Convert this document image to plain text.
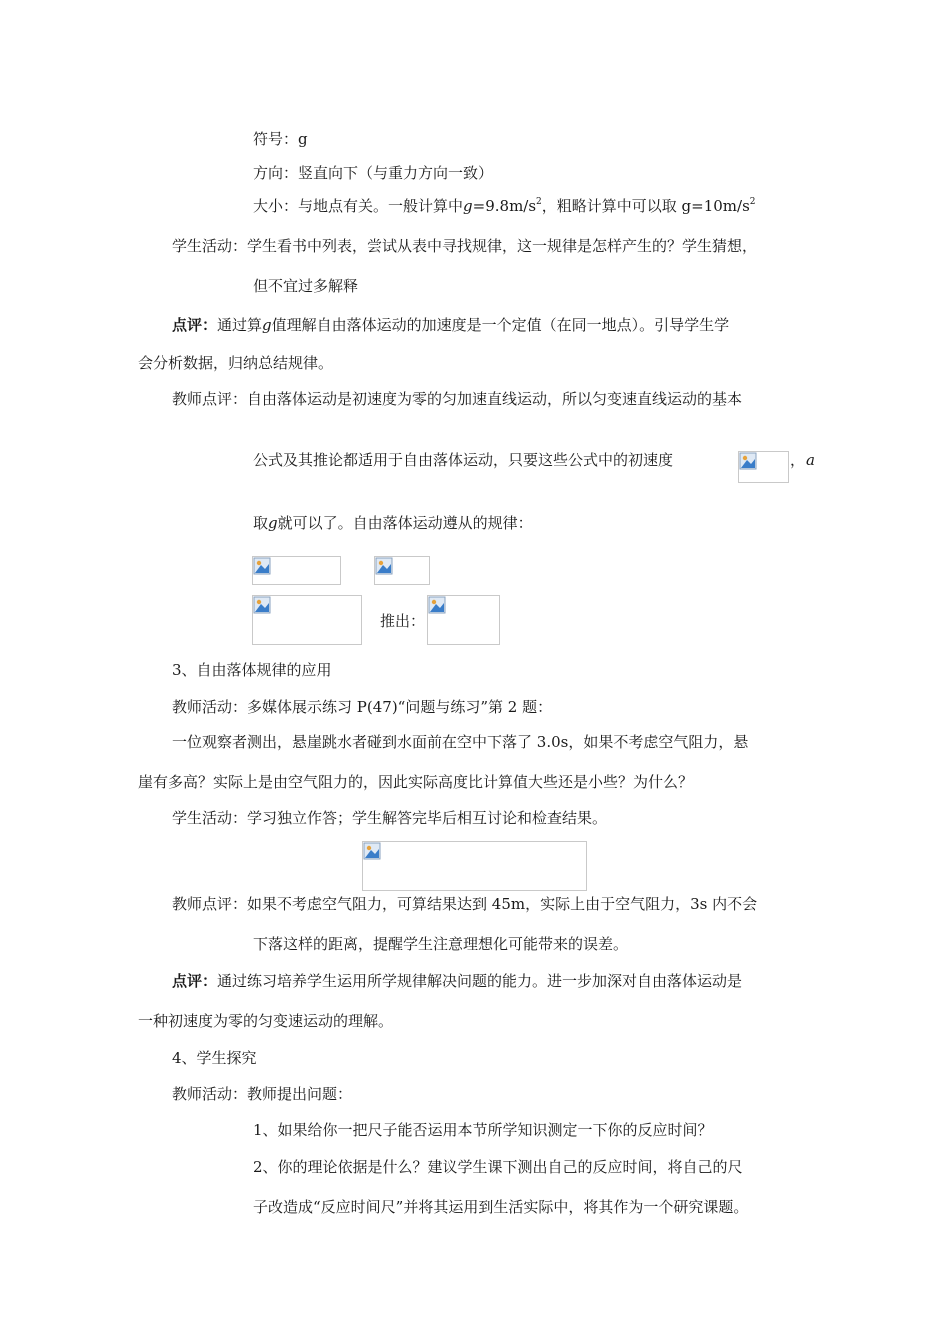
符号：g
方向：竖直向下（与重力方向一致）
大小：与地点有关。一般计算中$g=9.8m/s^2$，粗略计算中可以取 $g=10m/s^2$
学生活动：学生看书中列表，尝试从表中寻找规律，这一规律是怎样产生的？学生猜想，
但不宜过多解释
点评：通过算g值理解自由落体运动的加速度是一个定值（在同一地点）。引导学生学
会分析数据，归纳总结规律。
教师点评：自由落体运动是初速度为零的匀加速直线运动，所以匀变速直线运动的基本
公式及其推论都适用于自由落体运动，只要这些公式中的初速度	， a
取g就可以了。自由落体运动遵从的规律：
推出：
3、自由落体规律的应用
教师活动：多媒体展示练习 P(47)“问题与练习”第 2 题：
一位观察者测出，悬崖跳水者碰到水面前在空中下落了 3.0s，如果不考虑空气阻力，悬
崖有多高？实际上是由空气阻力的，因此实际高度比计算值大些还是小些？为什么？
学生活动：学习独立作答；学生解答完毕后相互讨论和检查结果。
教师点评：如果不考虑空气阻力，可算结果达到 45m，实际上由于空气阻力，3s 内不会
下落这样的距离，提醒学生注意理想化可能带来的误差。
点评：通过练习培养学生运用所学规律解决问题的能力。进一步加深对自由落体运动是
一种初速度为零的匀变速运动的理解。
4、学生探究
教师活动：教师提出问题：
1、如果给你一把尺子能否运用本节所学知识测定一下你的反应时间？
2、你的理论依据是什么？建议学生课下测出自己的反应时间，将自己的尺
子改造成“反应时间尺”并将其运用到生活实际中，将其作为一个研究课题。
